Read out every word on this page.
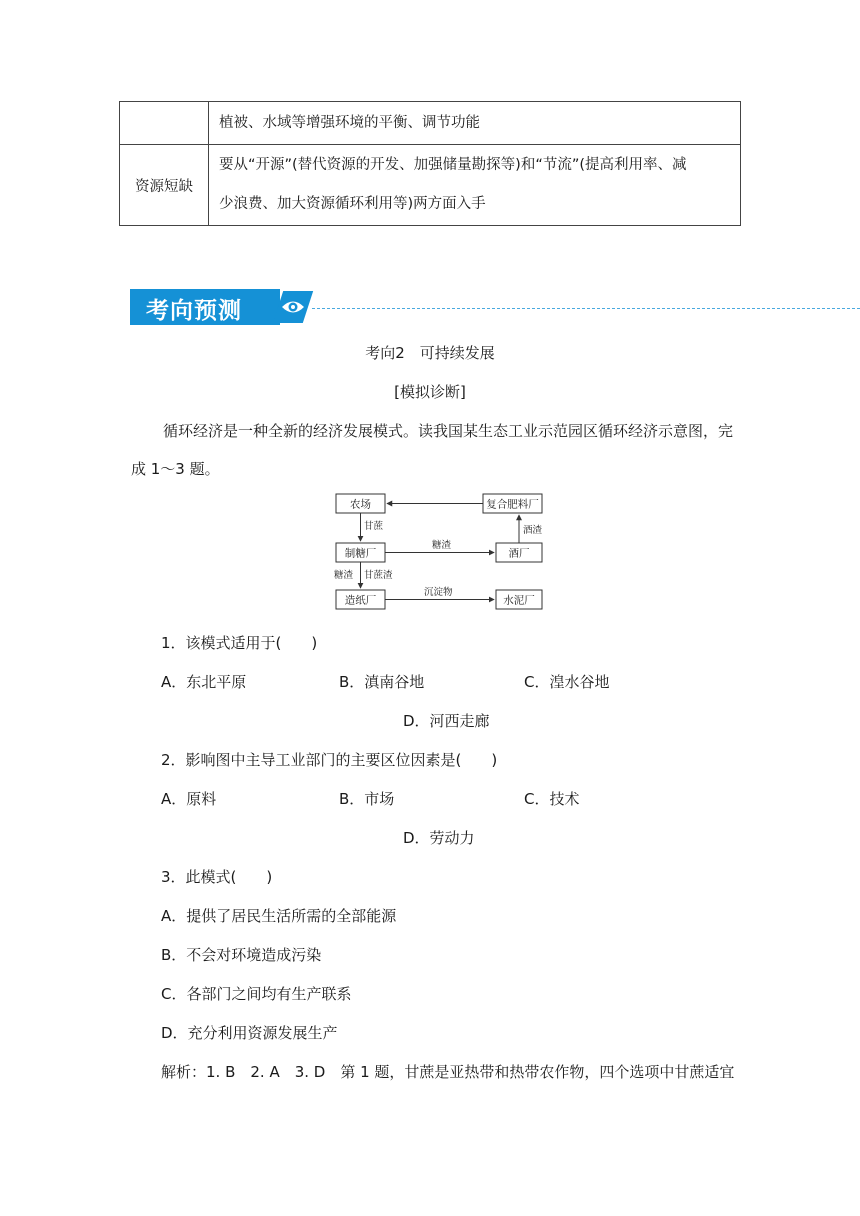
	植被、水域等增强环境的平衡、调节功能
资源短缺	要从“开源”(替代资源的开发、加强储量勘探等)和“节流”(提高利用率、减
少浪费、加大资源循环利用等)两方面入手
考向预测
考向2　可持续发展
[模拟诊断]
循环经济是一种全新的经济发展模式。读我国某生态工业示范园区循环经济示意图，完
成 1～3 题。
农场	复合肥料厂
制糖厂	酒厂
造纸厂	水泥厂
甘蔗
糖渣
酒渣
糖渣 甘蔗渣
沉淀物
1．该模式适用于(　　)
A．东北平原	B．滇南谷地	C．湟水谷地
D．河西走廊
2．影响图中主导工业部门的主要区位因素是(　　)
A．原料	B．市场	C．技术
D．劳动力
3．此模式(　　)
A．提供了居民生活所需的全部能源
B．不会对环境造成污染
C．各部门之间均有生产联系
D．充分利用资源发展生产
解析：1. B　2. A　3. D　第 1 题，甘蔗是亚热带和热带农作物，四个选项中甘蔗适宜
